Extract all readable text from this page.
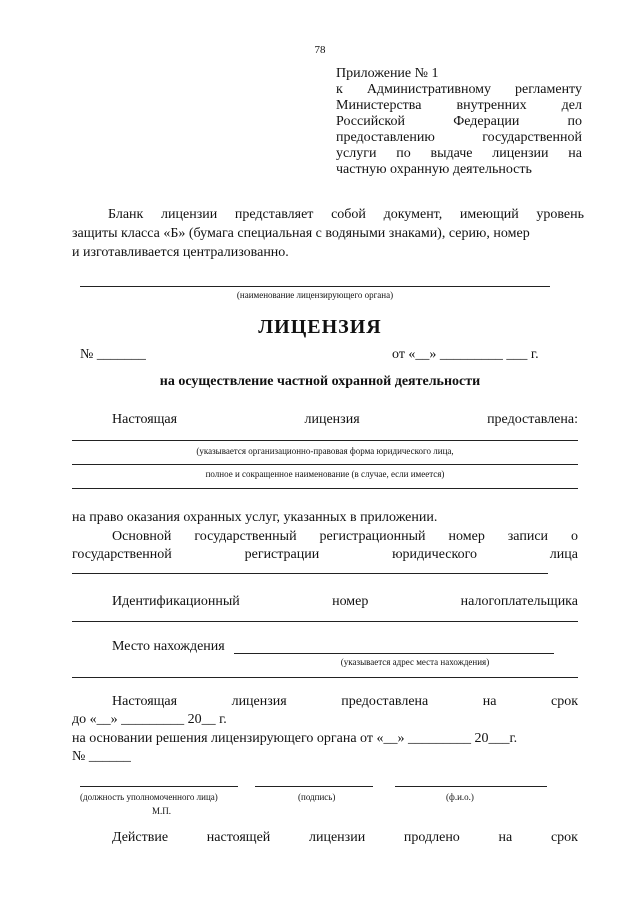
78
Приложение № 1
к Административному регламенту
Министерства	внутренних	дел
Российской	Федерации	по
предоставлению	государственной
услуги по выдаче лицензии на
частную охранную деятельность
Бланк лицензии представляет собой документ, имеющий уровень
защиты класса «Б» (бумага специальная с водяными знаками), серию, номер
и изготавливается централизованно.
(наименование лицензирующего органа)
ЛИЦЕНЗИЯ
№ _______	от «__» _________ ___ г.
на осуществление частной охранной деятельности
Настоящая	лицензия	предоставлена:
(указывается организационно-правовая форма юридического лица,
полное и сокращенное наименование (в случае, если имеется)
на право оказания охранных услуг, указанных в приложении.
Основной государственный регистрационный номер записи о
государственной	регистрации	юридического	лица
Идентификационный	номер	налогоплательщика
Место нахождения
(указывается адрес места нахождения)
Настоящая	лицензия	предоставлена	на	срок
до «__» _________ 20__ г.
на основании решения лицензирующего органа от «__» _________ 20___г.
№ ______
(должность уполномоченного лица)	(подпись)	(ф.и.о.)
М.П.
Действие	настоящей	лицензии	продлено	на	срок
